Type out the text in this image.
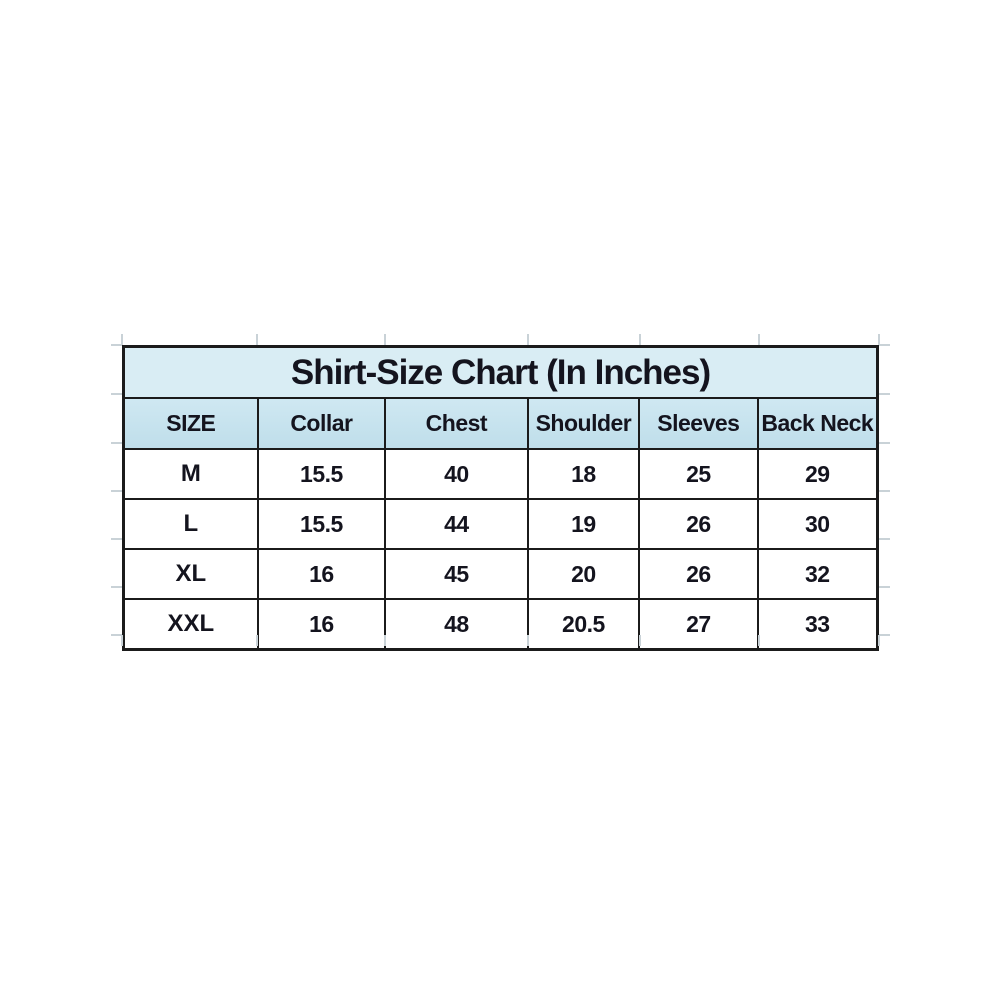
Shirt-Size Chart (In Inches)					
SIZE	Collar	Chest	Shoulder	Sleeves	Back Neck
M	15.5	40	18	25	29
L	15.5	44	19	26	30
XL	16	45	20	26	32
XXL	16	48	20.5	27	33
